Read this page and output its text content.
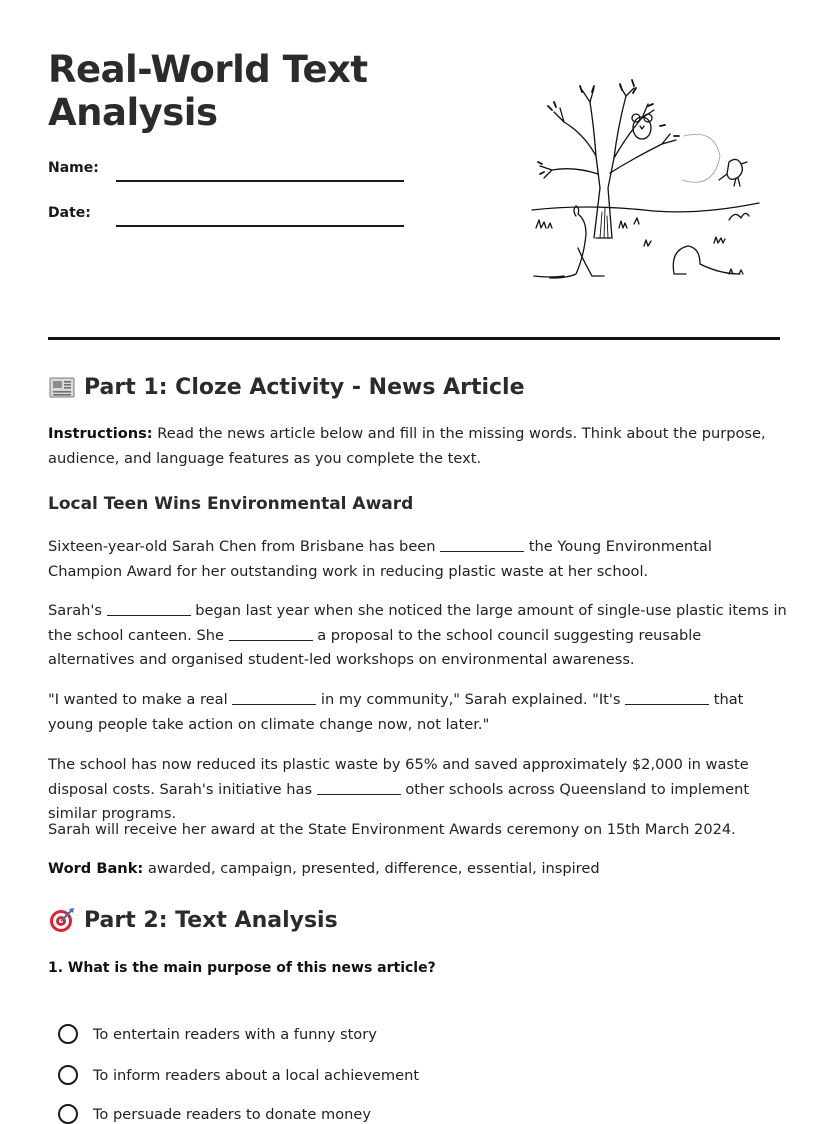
Real-World Text
Analysis
Name:
Date:
Part 1: Cloze Activity - News Article

Instructions: Read the news article below and fill in the missing words. Think about the purpose, audience, and language features as you complete the text.

Local Teen Wins Environmental Award

Sixteen-year-old Sarah Chen from Brisbane has been	the Young Environmental Champion Award for her outstanding work in reducing plastic waste at her school.

Sarah's	began last year when she noticed the large amount of single-use plastic items in the school canteen. She	a proposal to the school council suggesting reusable alternatives and organised student-led workshops on environmental awareness.

"I wanted to make a real	in my community," Sarah explained. "It's	that young people take action on climate change now, not later."

The school has now reduced its plastic waste by 65% and saved approximately $2,000 in waste disposal costs. Sarah's initiative has	other schools across Queensland to implement similar programs.

Sarah will receive her award at the State Environment Awards ceremony on 15th March 2024.

Word Bank: awarded, campaign, presented, difference, essential, inspired

Part 2: Text Analysis

1. What is the main purpose of this news article?

To entertain readers with a funny story
To inform readers about a local achievement
To persuade readers to donate money
